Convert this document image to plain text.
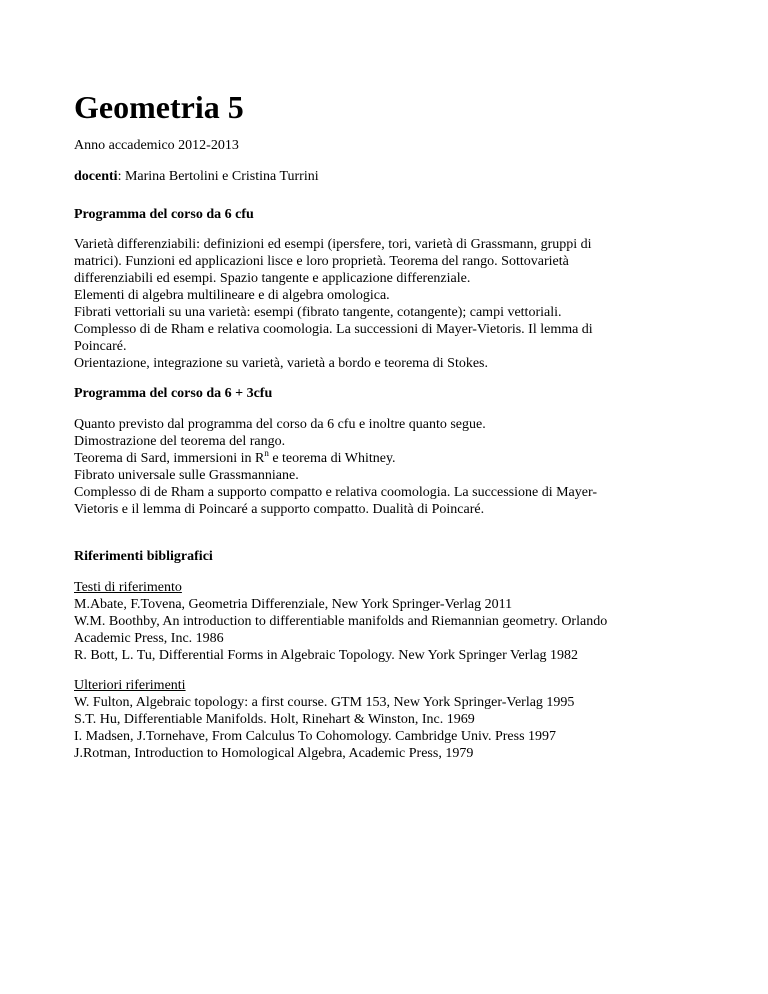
Geometria 5
Anno accademico 2012-2013
docenti: Marina Bertolini e Cristina Turrini
Programma del corso da 6 cfu
Varietà differenziabili: definizioni ed esempi (ipersfere, tori, varietà di Grassmann, gruppi di
matrici). Funzioni ed applicazioni lisce e loro proprietà. Teorema del rango. Sottovarietà
differenziabili ed esempi. Spazio tangente e applicazione differenziale.
Elementi di algebra multilineare e di algebra omologica.
Fibrati vettoriali su una varietà: esempi (fibrato tangente, cotangente); campi vettoriali.
Complesso di de Rham e relativa coomologia. La successioni di Mayer-Vietoris. Il lemma di
Poincaré.
Orientazione, integrazione su varietà, varietà a bordo e teorema di Stokes.
Programma del corso da 6 + 3cfu
Quanto previsto dal programma del corso da 6 cfu e inoltre quanto segue.
Dimostrazione del teorema del rango.
Teorema di Sard, immersioni in $R^n$ e teorema di Whitney.
Fibrato universale sulle Grassmanniane.
Complesso di de Rham a supporto compatto e relativa coomologia. La successione di Mayer-
Vietoris e il lemma di Poincaré a supporto compatto. Dualità di Poincaré.
Riferimenti bibligrafici
Testi di riferimento
M.Abate, F.Tovena, Geometria Differenziale, New York Springer-Verlag 2011
W.M. Boothby, An introduction to differentiable manifolds and Riemannian geometry. Orlando
Academic Press, Inc. 1986
R. Bott, L. Tu, Differential Forms in Algebraic Topology. New York Springer Verlag 1982
Ulteriori riferimenti
W. Fulton, Algebraic topology: a first course. GTM 153, New York Springer-Verlag 1995
S.T. Hu, Differentiable Manifolds. Holt, Rinehart & Winston, Inc. 1969
I. Madsen, J.Tornehave, From Calculus To Cohomology. Cambridge Univ. Press 1997
J.Rotman, Introduction to Homological Algebra, Academic Press, 1979
